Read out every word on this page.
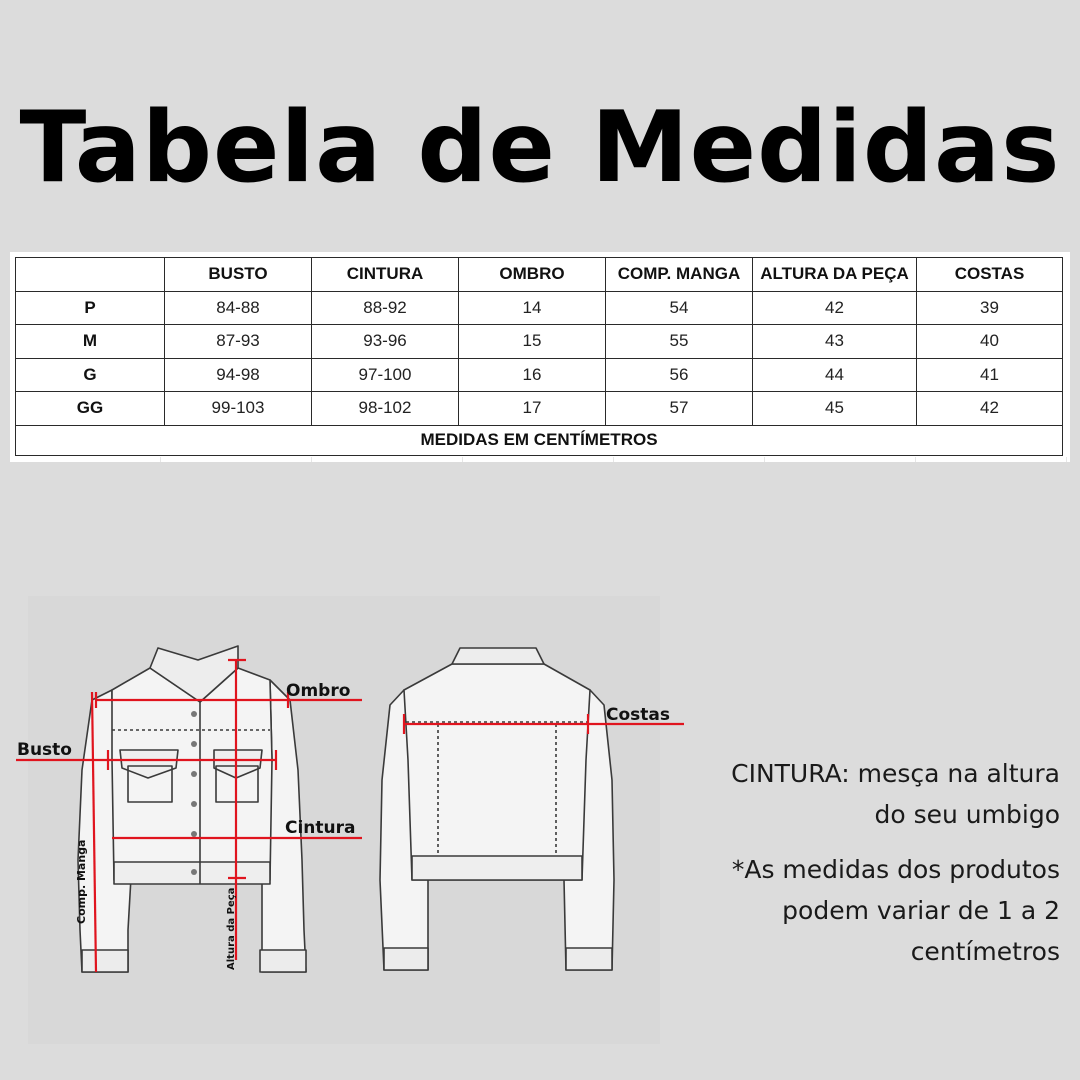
Tabela de Medidas
	BUSTO	CINTURA	OMBRO	COMP. MANGA	ALTURA DA PEÇA	COSTAS
P	84-88	88-92	14	54	42	39
M	87-93	93-96	15	55	43	40
G	94-98	97-100	16	56	44	41
GG	99-103	98-102	17	57	45	42
MEDIDAS EM CENTÍMETROS						
Ombro
Busto
Cintura
Costas
Comp. Manga
Altura da Peça
CINTURA: mesça na altura do seu umbigo
*As medidas dos produtos podem variar de 1 a 2 centímetros
